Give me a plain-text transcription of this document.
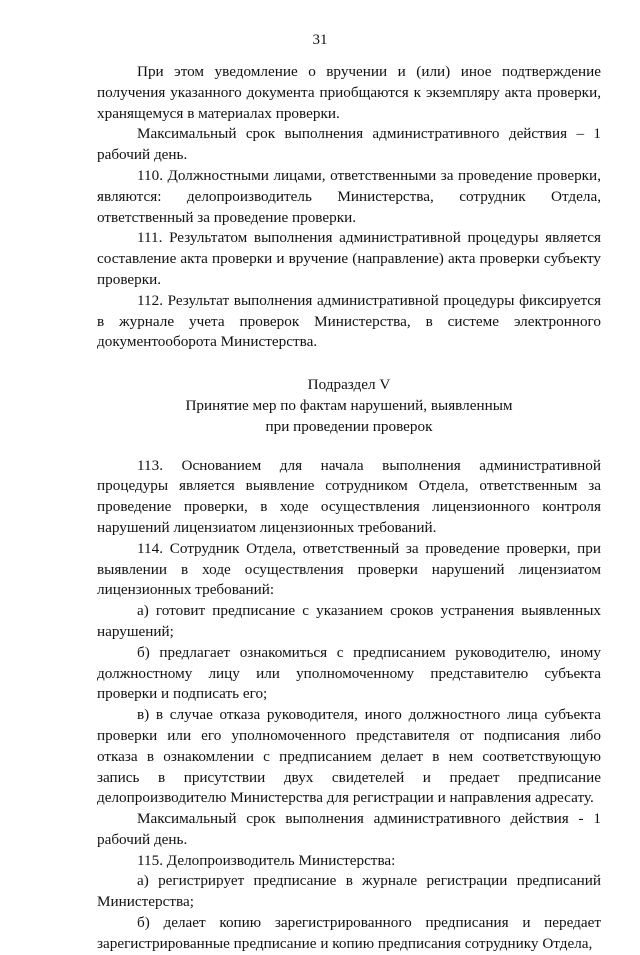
31

При этом уведомление о вручении и (или) иное подтверждение получения указанного документа приобщаются к экземпляру акта проверки, хранящемуся в материалах проверки.

Максимальный срок выполнения административного действия – 1 рабочий день.

110. Должностными лицами, ответственными за проведение проверки, являются: делопроизводитель Министерства, сотрудник Отдела, ответственный за проведение проверки.

111. Результатом выполнения административной процедуры является составление акта проверки и вручение (направление) акта проверки субъекту проверки.

112. Результат выполнения административной процедуры фиксируется в журнале учета проверок Министерства, в системе электронного документооборота Министерства.

Подраздел V
Принятие мер по фактам нарушений, выявленным
при проведении проверок

113. Основанием для начала выполнения административной процедуры является выявление сотрудником Отдела, ответственным за проведение проверки, в ходе осуществления лицензионного контроля нарушений лицензиатом лицензионных требований.

114. Сотрудник Отдела, ответственный за проведение проверки, при выявлении в ходе осуществления проверки нарушений лицензиатом лицензионных требований:

а) готовит предписание с указанием сроков устранения выявленных нарушений;

б) предлагает ознакомиться с предписанием руководителю, иному должностному лицу или уполномоченному представителю субъекта проверки и подписать его;

в) в случае отказа руководителя, иного должностного лица субъекта проверки или его уполномоченного представителя от подписания либо отказа в ознакомлении с предписанием делает в нем соответствующую запись в присутствии двух свидетелей и предает предписание делопроизводителю Министерства для регистрации и направления адресату.

Максимальный срок выполнения административного действия - 1 рабочий день.

115. Делопроизводитель Министерства:

а) регистрирует предписание в журнале регистрации предписаний Министерства;

б) делает копию зарегистрированного предписания и передает зарегистрированные предписание и копию предписания сотруднику Отдела,
